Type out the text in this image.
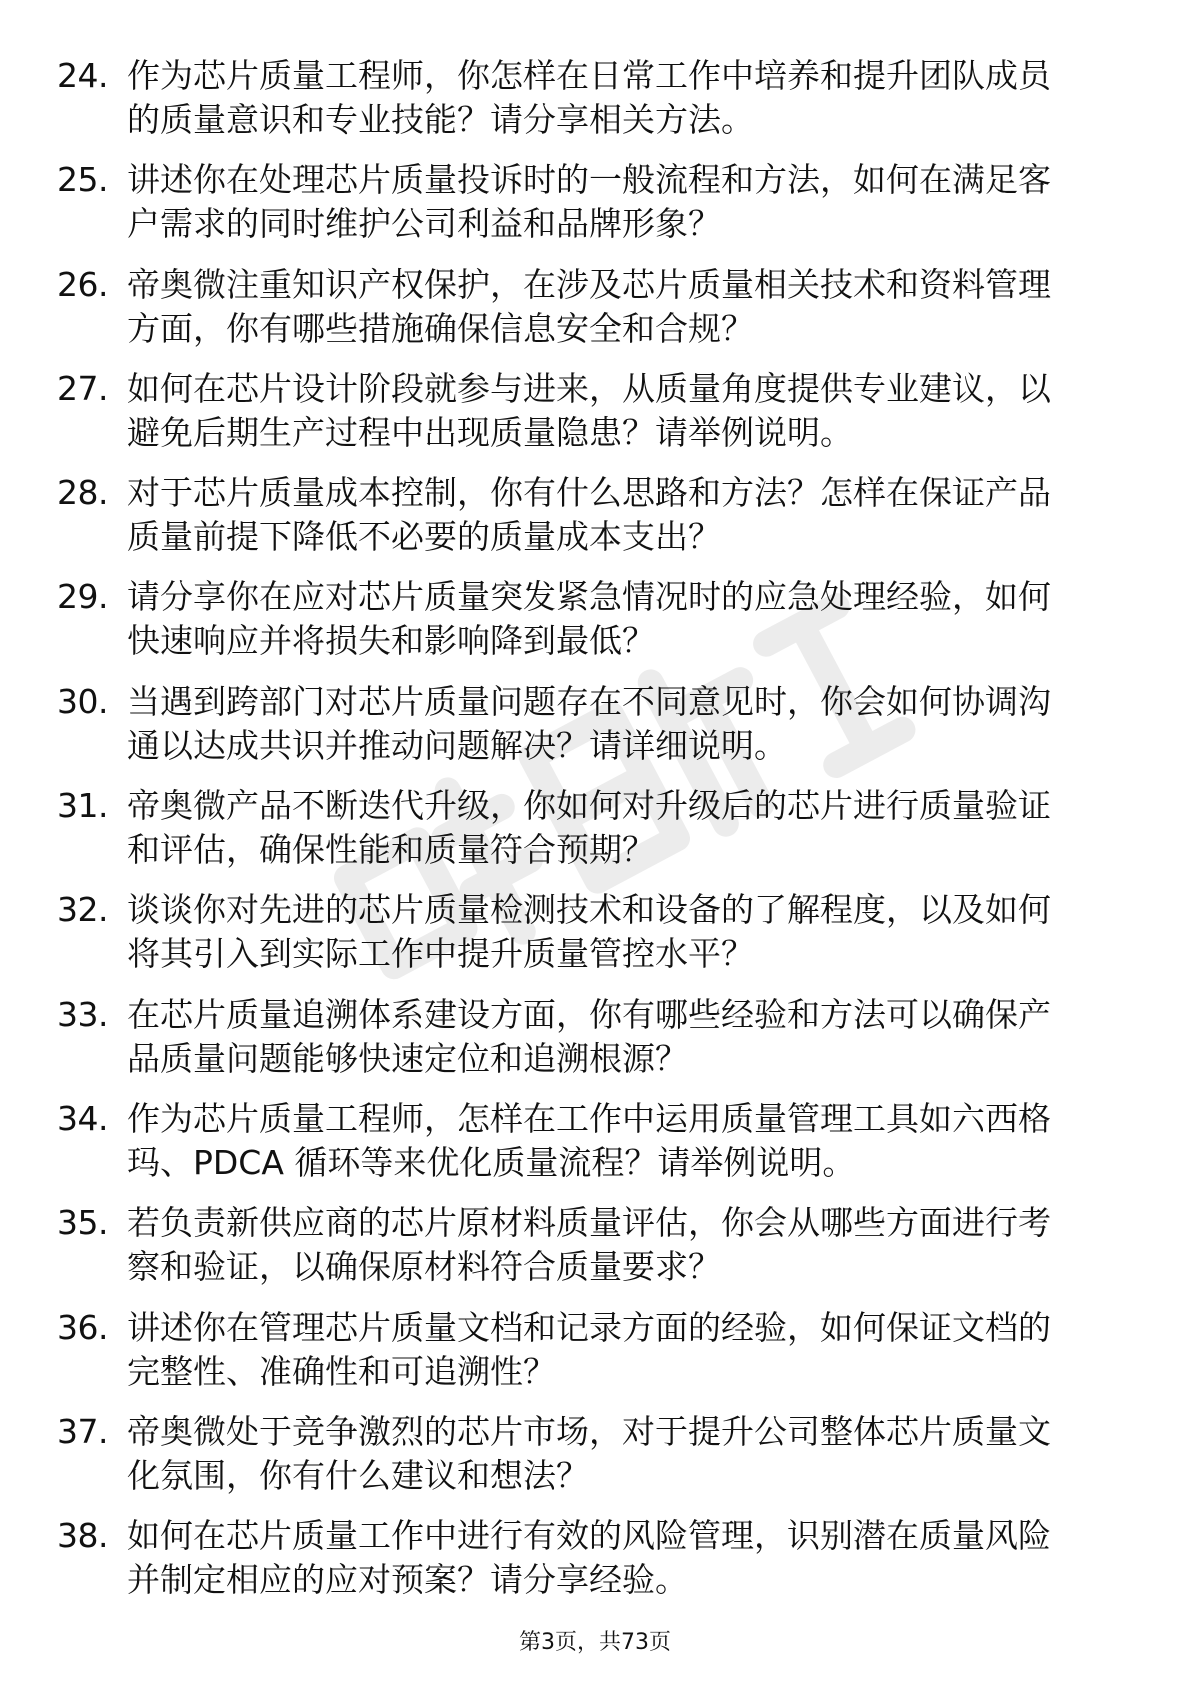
24. 作为芯片质量工程师，你怎样在日常工作中培养和提升团队成员
的质量意识和专业技能？请分享相关方法。
25. 讲述你在处理芯片质量投诉时的一般流程和方法，如何在满足客
户需求的同时维护公司利益和品牌形象？
26. 帝奥微注重知识产权保护，在涉及芯片质量相关技术和资料管理
方面，你有哪些措施确保信息安全和合规？
27. 如何在芯片设计阶段就参与进来，从质量角度提供专业建议，以
避免后期生产过程中出现质量隐患？请举例说明。
28. 对于芯片质量成本控制，你有什么思路和方法？怎样在保证产品
质量前提下降低不必要的质量成本支出？
29. 请分享你在应对芯片质量突发紧急情况时的应急处理经验，如何
快速响应并将损失和影响降到最低？
30. 当遇到跨部门对芯片质量问题存在不同意见时，你会如何协调沟
通以达成共识并推动问题解决？请详细说明。
31. 帝奥微产品不断迭代升级，你如何对升级后的芯片进行质量验证
和评估，确保性能和质量符合预期？
32. 谈谈你对先进的芯片质量检测技术和设备的了解程度，以及如何
将其引入到实际工作中提升质量管控水平？
33. 在芯片质量追溯体系建设方面，你有哪些经验和方法可以确保产
品质量问题能够快速定位和追溯根源？
34. 作为芯片质量工程师，怎样在工作中运用质量管理工具如六西格
玛、PDCA 循环等来优化质量流程？请举例说明。
35. 若负责新供应商的芯片原材料质量评估，你会从哪些方面进行考
察和验证，以确保原材料符合质量要求？
36. 讲述你在管理芯片质量文档和记录方面的经验，如何保证文档的
完整性、准确性和可追溯性？
37. 帝奥微处于竞争激烈的芯片市场，对于提升公司整体芯片质量文
化氛围，你有什么建议和想法？
38. 如何在芯片质量工作中进行有效的风险管理，识别潜在质量风险
并制定相应的应对预案？请分享经验。
第3页，共73页
